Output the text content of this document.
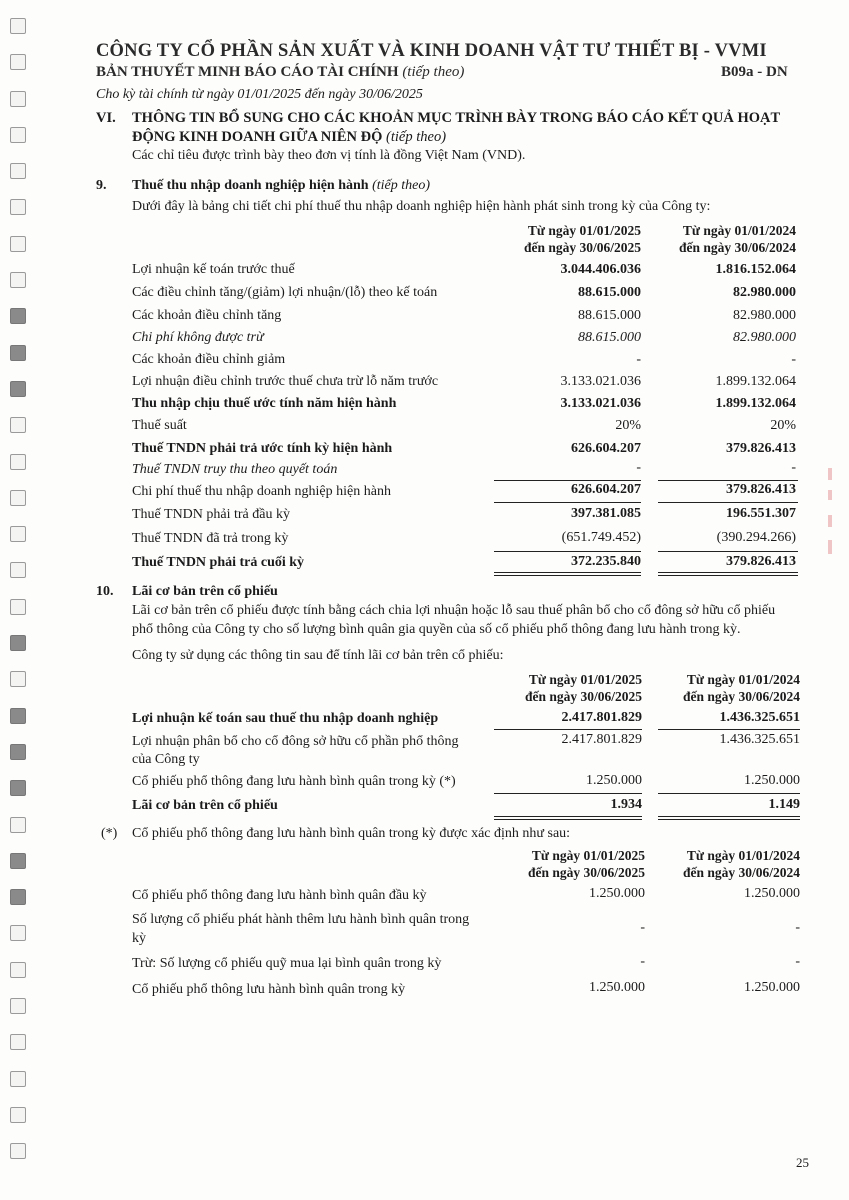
CÔNG TY CỔ PHẦN SẢN XUẤT VÀ KINH DOANH VẬT TƯ THIẾT BỊ - VVMI
BẢN THUYẾT MINH BÁO CÁO TÀI CHÍNH (tiếp theo)	B09a - DN
Cho kỳ tài chính từ ngày 01/01/2025 đến ngày 30/06/2025
VI. THÔNG TIN BỔ SUNG CHO CÁC KHOẢN MỤC TRÌNH BÀY TRONG BÁO CÁO KẾT QUẢ HOẠT
ĐỘNG KINH DOANH GIỮA NIÊN ĐỘ (tiếp theo)
Các chỉ tiêu được trình bày theo đơn vị tính là đồng Việt Nam (VND).
9. Thuế thu nhập doanh nghiệp hiện hành (tiếp theo)
Dưới đây là bảng chi tiết chi phí thuế thu nhập doanh nghiệp hiện hành phát sinh trong kỳ của Công ty:
Từ ngày 01/01/2025
đến ngày 30/06/2025
Từ ngày 01/01/2024
đến ngày 30/06/2024
Lợi nhuận kế toán trước thuế	3.044.406.036	1.816.152.064
Các điều chỉnh tăng/(giảm) lợi nhuận/(lỗ) theo kế toán	88.615.000	82.980.000
Các khoản điều chỉnh tăng	88.615.000	82.980.000
Chi phí không được trừ	88.615.000	82.980.000
Các khoản điều chỉnh giảm	-	-
Lợi nhuận điều chỉnh trước thuế chưa trừ lỗ năm trước	3.133.021.036	1.899.132.064
Thu nhập chịu thuế ước tính năm hiện hành	3.133.021.036	1.899.132.064
Thuế suất	20%	20%
Thuế TNDN phải trả ước tính kỳ hiện hành	626.604.207	379.826.413
Thuế TNDN truy thu theo quyết toán	-	-
Chi phí thuế thu nhập doanh nghiệp hiện hành	626.604.207	379.826.413
Thuế TNDN phải trả đầu kỳ	397.381.085	196.551.307
Thuế TNDN đã trả trong kỳ	(651.749.452)	(390.294.266)
Thuế TNDN phải trả cuối kỳ	372.235.840	379.826.413
10. Lãi cơ bản trên cổ phiếu
Lãi cơ bản trên cổ phiếu được tính bằng cách chia lợi nhuận hoặc lỗ sau thuế phân bổ cho cổ đông sở hữu cổ phiếu
phổ thông của Công ty cho số lượng bình quân gia quyền của số cổ phiếu phổ thông đang lưu hành trong kỳ.
Công ty sử dụng các thông tin sau để tính lãi cơ bản trên cổ phiếu:
Từ ngày 01/01/2025
đến ngày 30/06/2025
Từ ngày 01/01/2024
đến ngày 30/06/2024
Lợi nhuận kế toán sau thuế thu nhập doanh nghiệp	2.417.801.829	1.436.325.651
Lợi nhuận phân bổ cho cổ đông sở hữu cổ phần phổ thông
của Công ty
2.417.801.829	1.436.325.651
Cổ phiếu phổ thông đang lưu hành bình quân trong kỳ (*)	1.250.000	1.250.000
Lãi cơ bản trên cổ phiếu	1.934	1.149
(*) Cổ phiếu phổ thông đang lưu hành bình quân trong kỳ được xác định như sau:
Từ ngày 01/01/2025
đến ngày 30/06/2025
Từ ngày 01/01/2024
đến ngày 30/06/2024
Cổ phiếu phổ thông đang lưu hành bình quân đầu kỳ	1.250.000	1.250.000
Số lượng cổ phiếu phát hành thêm lưu hành bình quân trong
kỳ
-	-
Trừ: Số lượng cổ phiếu quỹ mua lại bình quân trong kỳ	-	-
Cổ phiếu phổ thông lưu hành bình quân trong kỳ	1.250.000	1.250.000
25
